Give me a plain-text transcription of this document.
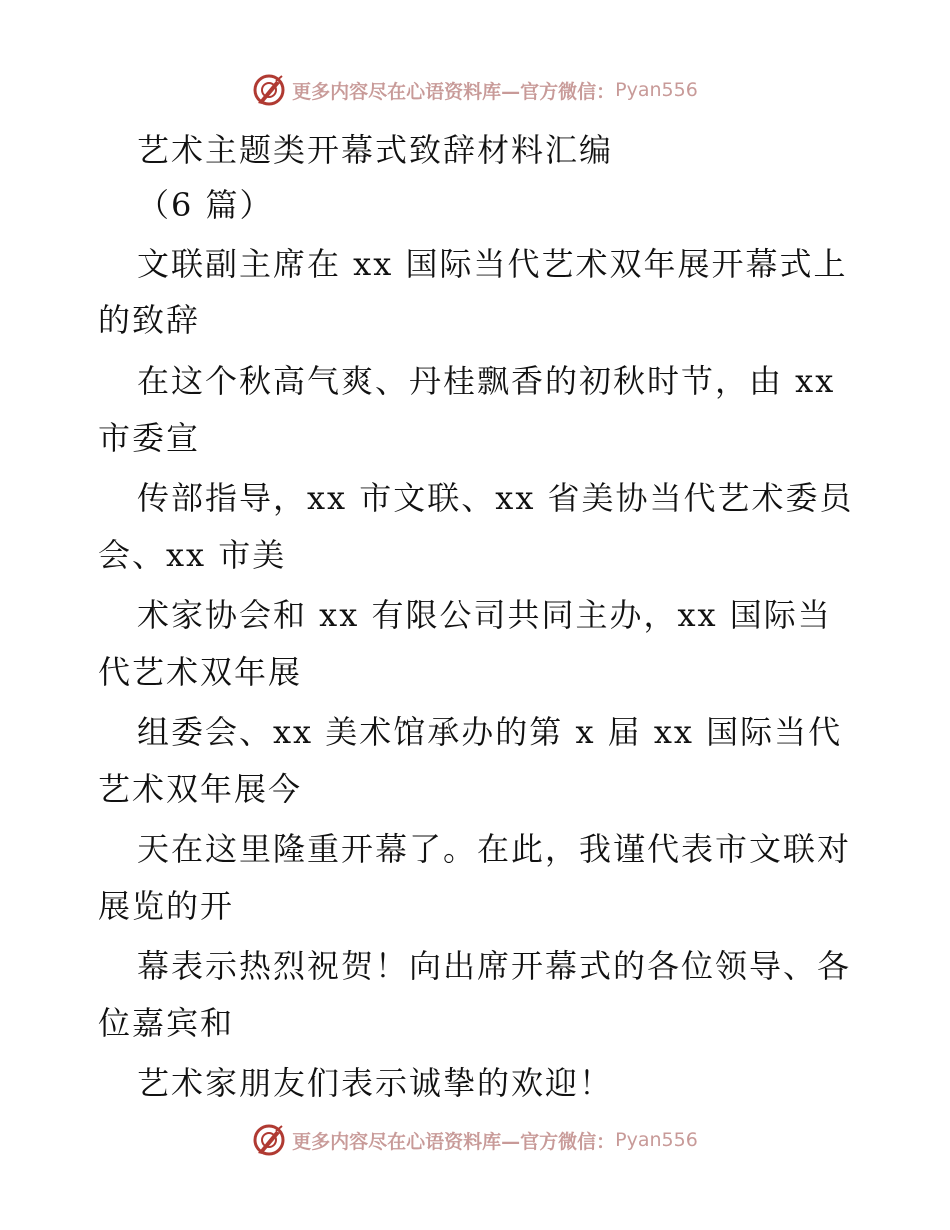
更多内容尽在心语资料库—官方微信： Pyan556
艺术主题类开幕式致辞材料汇编
（6 篇）
文联副主席在 xx 国际当代艺术双年展开幕式上
的致辞
在这个秋高气爽、丹桂飘香的初秋时节，由 xx
市委宣
传部指导，xx 市文联、xx 省美协当代艺术委员
会、xx 市美
术家协会和 xx 有限公司共同主办，xx 国际当
代艺术双年展
组委会、xx 美术馆承办的第 x 届 xx 国际当代
艺术双年展今
天在这里隆重开幕了。在此，我谨代表市文联对
展览的开
幕表示热烈祝贺！向出席开幕式的各位领导、各
位嘉宾和
艺术家朋友们表示诚挚的欢迎！
更多内容尽在心语资料库—官方微信： Pyan556
